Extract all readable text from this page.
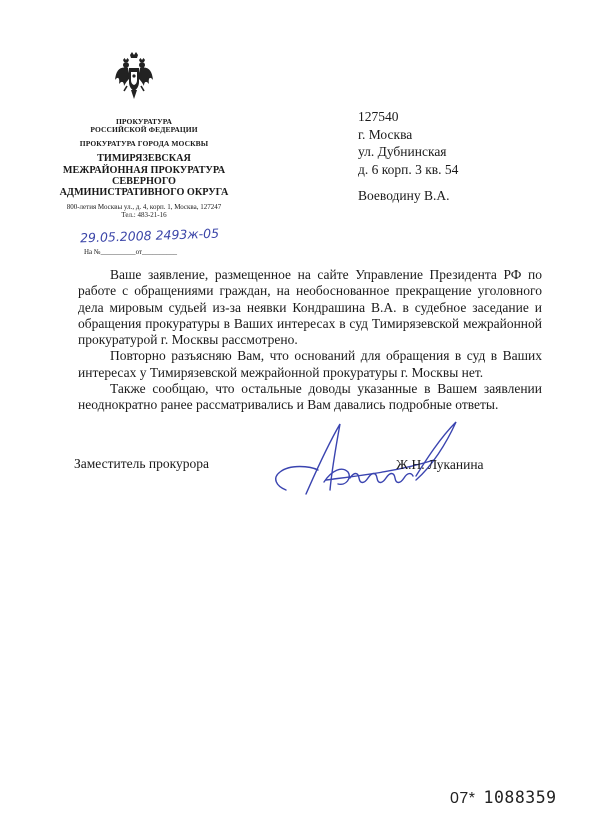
ПРОКУРАТУРА
РОССИЙСКОЙ ФЕДЕРАЦИИ
ПРОКУРАТУРА ГОРОДА МОСКВЫ
ТИМИРЯЗЕВСКАЯ
МЕЖРАЙОННАЯ ПРОКУРАТУРА
СЕВЕРНОГО
АДМИНИСТРАТИВНОГО ОКРУГА
800-летия Москвы ул., д. 4, корп. 1, Москва, 127247
Тел.: 483-21-16
29.05.2008 2493ж-05
На №__________от__________
127540
г. Москва
ул. Дубнинская
д. 6 корп. 3 кв. 54
Воеводину В.А.

Ваше заявление, размещенное на сайте Управление Президента РФ по работе с обращениями граждан, на необоснованное прекращение уголовного дела мировым судьей из-за неявки Кондрашина В.А. в судебное заседание и обращения прокуратуры в Ваших интересах в суд Тимирязевской межрайонной прокуратурой г. Москвы рассмотрено.

Повторно разъясняю Вам, что оснований для обращения в суд в Ваших интересах у Тимирязевской межрайонной прокуратуры г. Москвы нет.

Также сообщаю, что остальные доводы указанные в Вашем заявлении неоднократно ранее рассматривались и Вам давались подробные ответы.

Заместитель прокурора	Ж.Н. Луканина
07* 1088359
